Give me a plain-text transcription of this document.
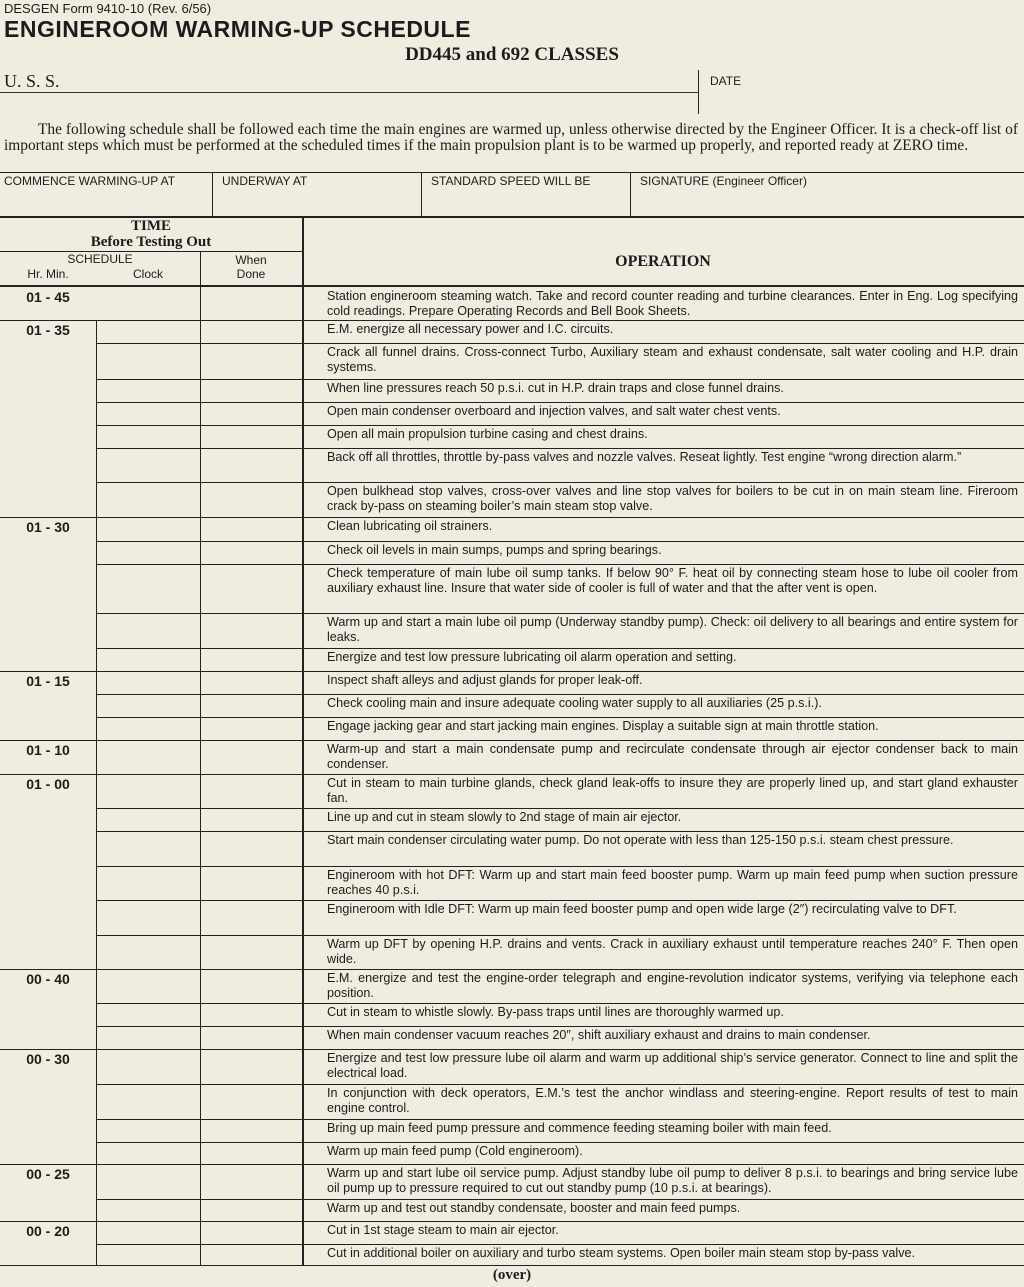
DESGEN Form 9410-10 (Rev. 6/56)
ENGINEROOM WARMING-UP SCHEDULE
DD445 and 692 CLASSES
U. S. S.	DATE
The following schedule shall be followed each time the main engines are warmed up, unless otherwise directed by the Engineer Officer. It is a check-off list of important steps which must be performed at the scheduled times if the main propulsion plant is to be warmed up properly, and reported ready at ZERO time.
COMMENCE WARMING-UP AT	UNDERWAY AT	STANDARD SPEED WILL BE	SIGNATURE (Engineer Officer)
TIME
Before Testing Out
SCHEDULE
Hr. Min.	Clock
When
Done
OPERATION
01 - 45	Station engineroom steaming watch. Take and record counter reading and turbine clearances. Enter in Eng. Log specifying cold readings. Prepare Operating Records and Bell Book Sheets.
01 - 35	E.M. energize all necessary power and I.C. circuits.
Crack all funnel drains. Cross-connect Turbo, Auxiliary steam and exhaust condensate, salt water cooling and H.P. drain systems.
When line pressures reach 50 p.s.i. cut in H.P. drain traps and close funnel drains.
Open main condenser overboard and injection valves, and salt water chest vents.
Open all main propulsion turbine casing and chest drains.
Back off all throttles, throttle by-pass valves and nozzle valves. Reseat lightly. Test engine “wrong direction alarm.”
Open bulkhead stop valves, cross-over valves and line stop valves for boilers to be cut in on main steam line. Fireroom crack by-pass on steaming boiler’s main steam stop valve.
01 - 30	Clean lubricating oil strainers.
Check oil levels in main sumps, pumps and spring bearings.
Check temperature of main lube oil sump tanks. If below 90° F. heat oil by connecting steam hose to lube oil cooler from auxiliary exhaust line. Insure that water side of cooler is full of water and that the after vent is open.
Warm up and start a main lube oil pump (Underway standby pump). Check: oil delivery to all bearings and entire system for leaks.
Energize and test low pressure lubricating oil alarm operation and setting.
01 - 15	Inspect shaft alleys and adjust glands for proper leak-off.
Check cooling main and insure adequate cooling water supply to all auxiliaries (25 p.s.i.).
Engage jacking gear and start jacking main engines. Display a suitable sign at main throttle station.
01 - 10	Warm-up and start a main condensate pump and recirculate condensate through air ejector condenser back to main condenser.
01 - 00	Cut in steam to main turbine glands, check gland leak-offs to insure they are properly lined up, and start gland exhauster fan.
Line up and cut in steam slowly to 2nd stage of main air ejector.
Start main condenser circulating water pump. Do not operate with less than 125-150 p.s.i. steam chest pressure.
Engineroom with hot DFT: Warm up and start main feed booster pump. Warm up main feed pump when suction pressure reaches 40 p.s.i.
Engineroom with Idle DFT: Warm up main feed booster pump and open wide large (2″) recirculating valve to DFT.
Warm up DFT by opening H.P. drains and vents. Crack in auxiliary exhaust until temperature reaches 240° F. Then open wide.
00 - 40	E.M. energize and test the engine-order telegraph and engine-revolution indicator systems, verifying via telephone each position.
Cut in steam to whistle slowly. By-pass traps until lines are thoroughly warmed up.
When main condenser vacuum reaches 20″, shift auxiliary exhaust and drains to main condenser.
00 - 30	Energize and test low pressure lube oil alarm and warm up additional ship’s service generator. Connect to line and split the electrical load.
In conjunction with deck operators, E.M.’s test the anchor windlass and steering-engine. Report results of test to main engine control.
Bring up main feed pump pressure and commence feeding steaming boiler with main feed.
Warm up main feed pump (Cold engineroom).
00 - 25	Warm up and start lube oil service pump. Adjust standby lube oil pump to deliver 8 p.s.i. to bearings and bring service lube oil pump up to pressure required to cut out standby pump (10 p.s.i. at bearings).
Warm up and test out standby condensate, booster and main feed pumps.
00 - 20	Cut in 1st stage steam to main air ejector.
Cut in additional boiler on auxiliary and turbo steam systems. Open boiler main steam stop by-pass valve.
(over)
